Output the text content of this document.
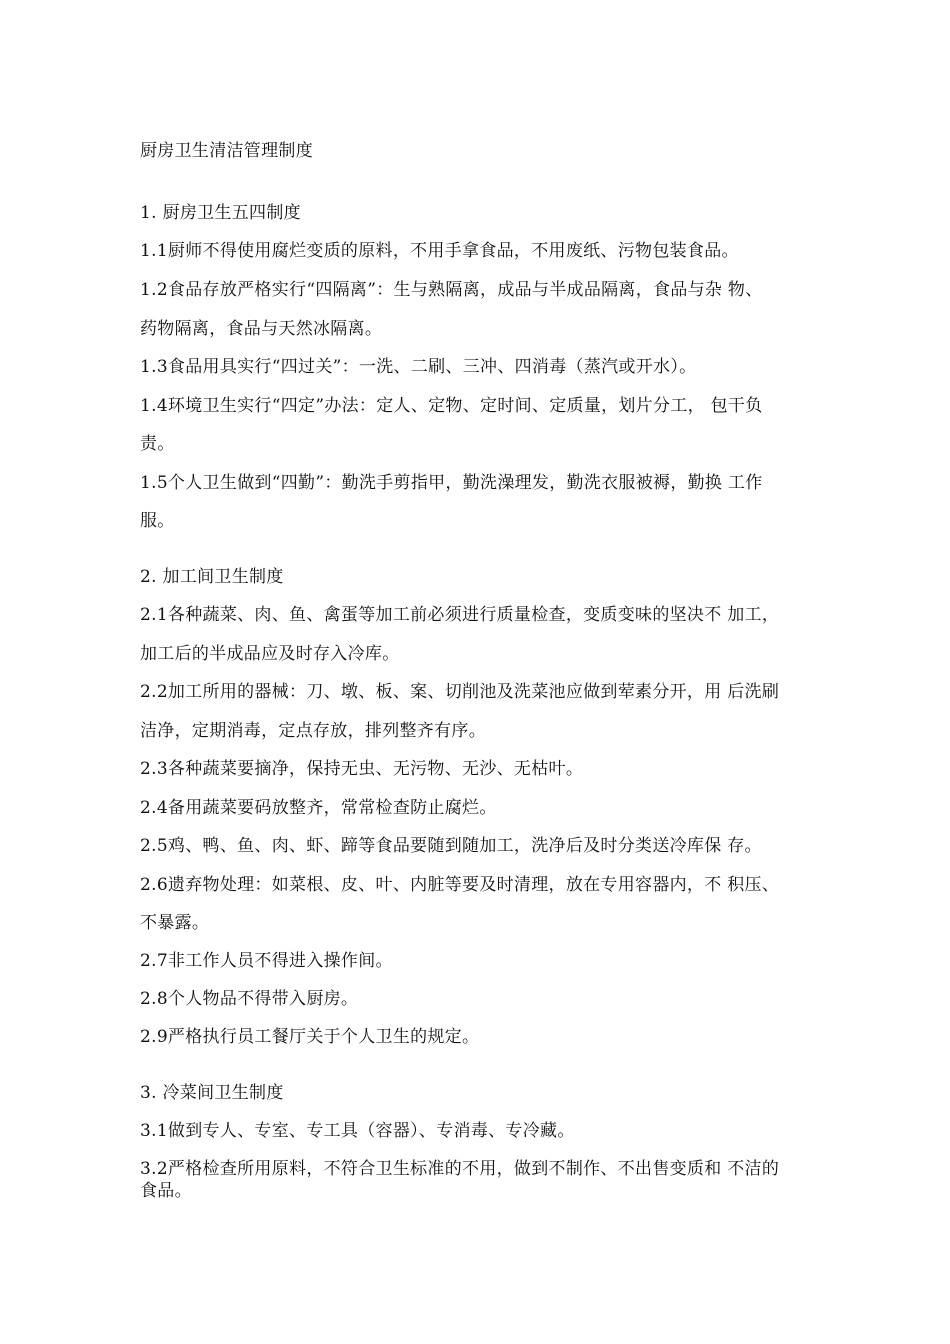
厨房卫生清洁管理制度
1. 厨房卫生五四制度
1.1厨师不得使用腐烂变质的原料，不用手拿食品，不用废纸、污物包装食品。
1.2食品存放严格实行“四隔离”：生与熟隔离，成品与半成品隔离，食品与杂 物、
药物隔离，食品与天然冰隔离。
1.3食品用具实行“四过关”：一洗、二刷、三冲、四消毒（蒸汽或开水）。
1.4环境卫生实行“四定”办法：定人、定物、定时间、定质量，划片分工， 包干负
责。
1.5个人卫生做到“四勤”：勤洗手剪指甲，勤洗澡理发，勤洗衣服被褥，勤换 工作
服。
2. 加工间卫生制度
2.1各种蔬菜、肉、鱼、禽蛋等加工前必须进行质量检查，变质变味的坚决不 加工，
加工后的半成品应及时存入冷库。
2.2加工所用的器械：刀、墩、板、案、切削池及洗菜池应做到荤素分开，用 后洗刷
洁净，定期消毒，定点存放，排列整齐有序。
2.3各种蔬菜要摘净，保持无虫、无污物、无沙、无枯叶。
2.4备用蔬菜要码放整齐，常常检查防止腐烂。
2.5鸡、鸭、鱼、肉、虾、蹄等食品要随到随加工，洗净后及时分类送冷库保 存。
2.6遗弃物处理：如菜根、皮、叶、内脏等要及时清理，放在专用容器内，不 积压、
不暴露。
2.7非工作人员不得进入操作间。
2.8个人物品不得带入厨房。
2.9严格执行员工餐厅关于个人卫生的规定。
3. 冷菜间卫生制度
3.1做到专人、专室、专工具（容器）、专消毒、专冷藏。
3.2严格检查所用原料，不符合卫生标准的不用，做到不制作、不出售变质和 不洁的
食品。
